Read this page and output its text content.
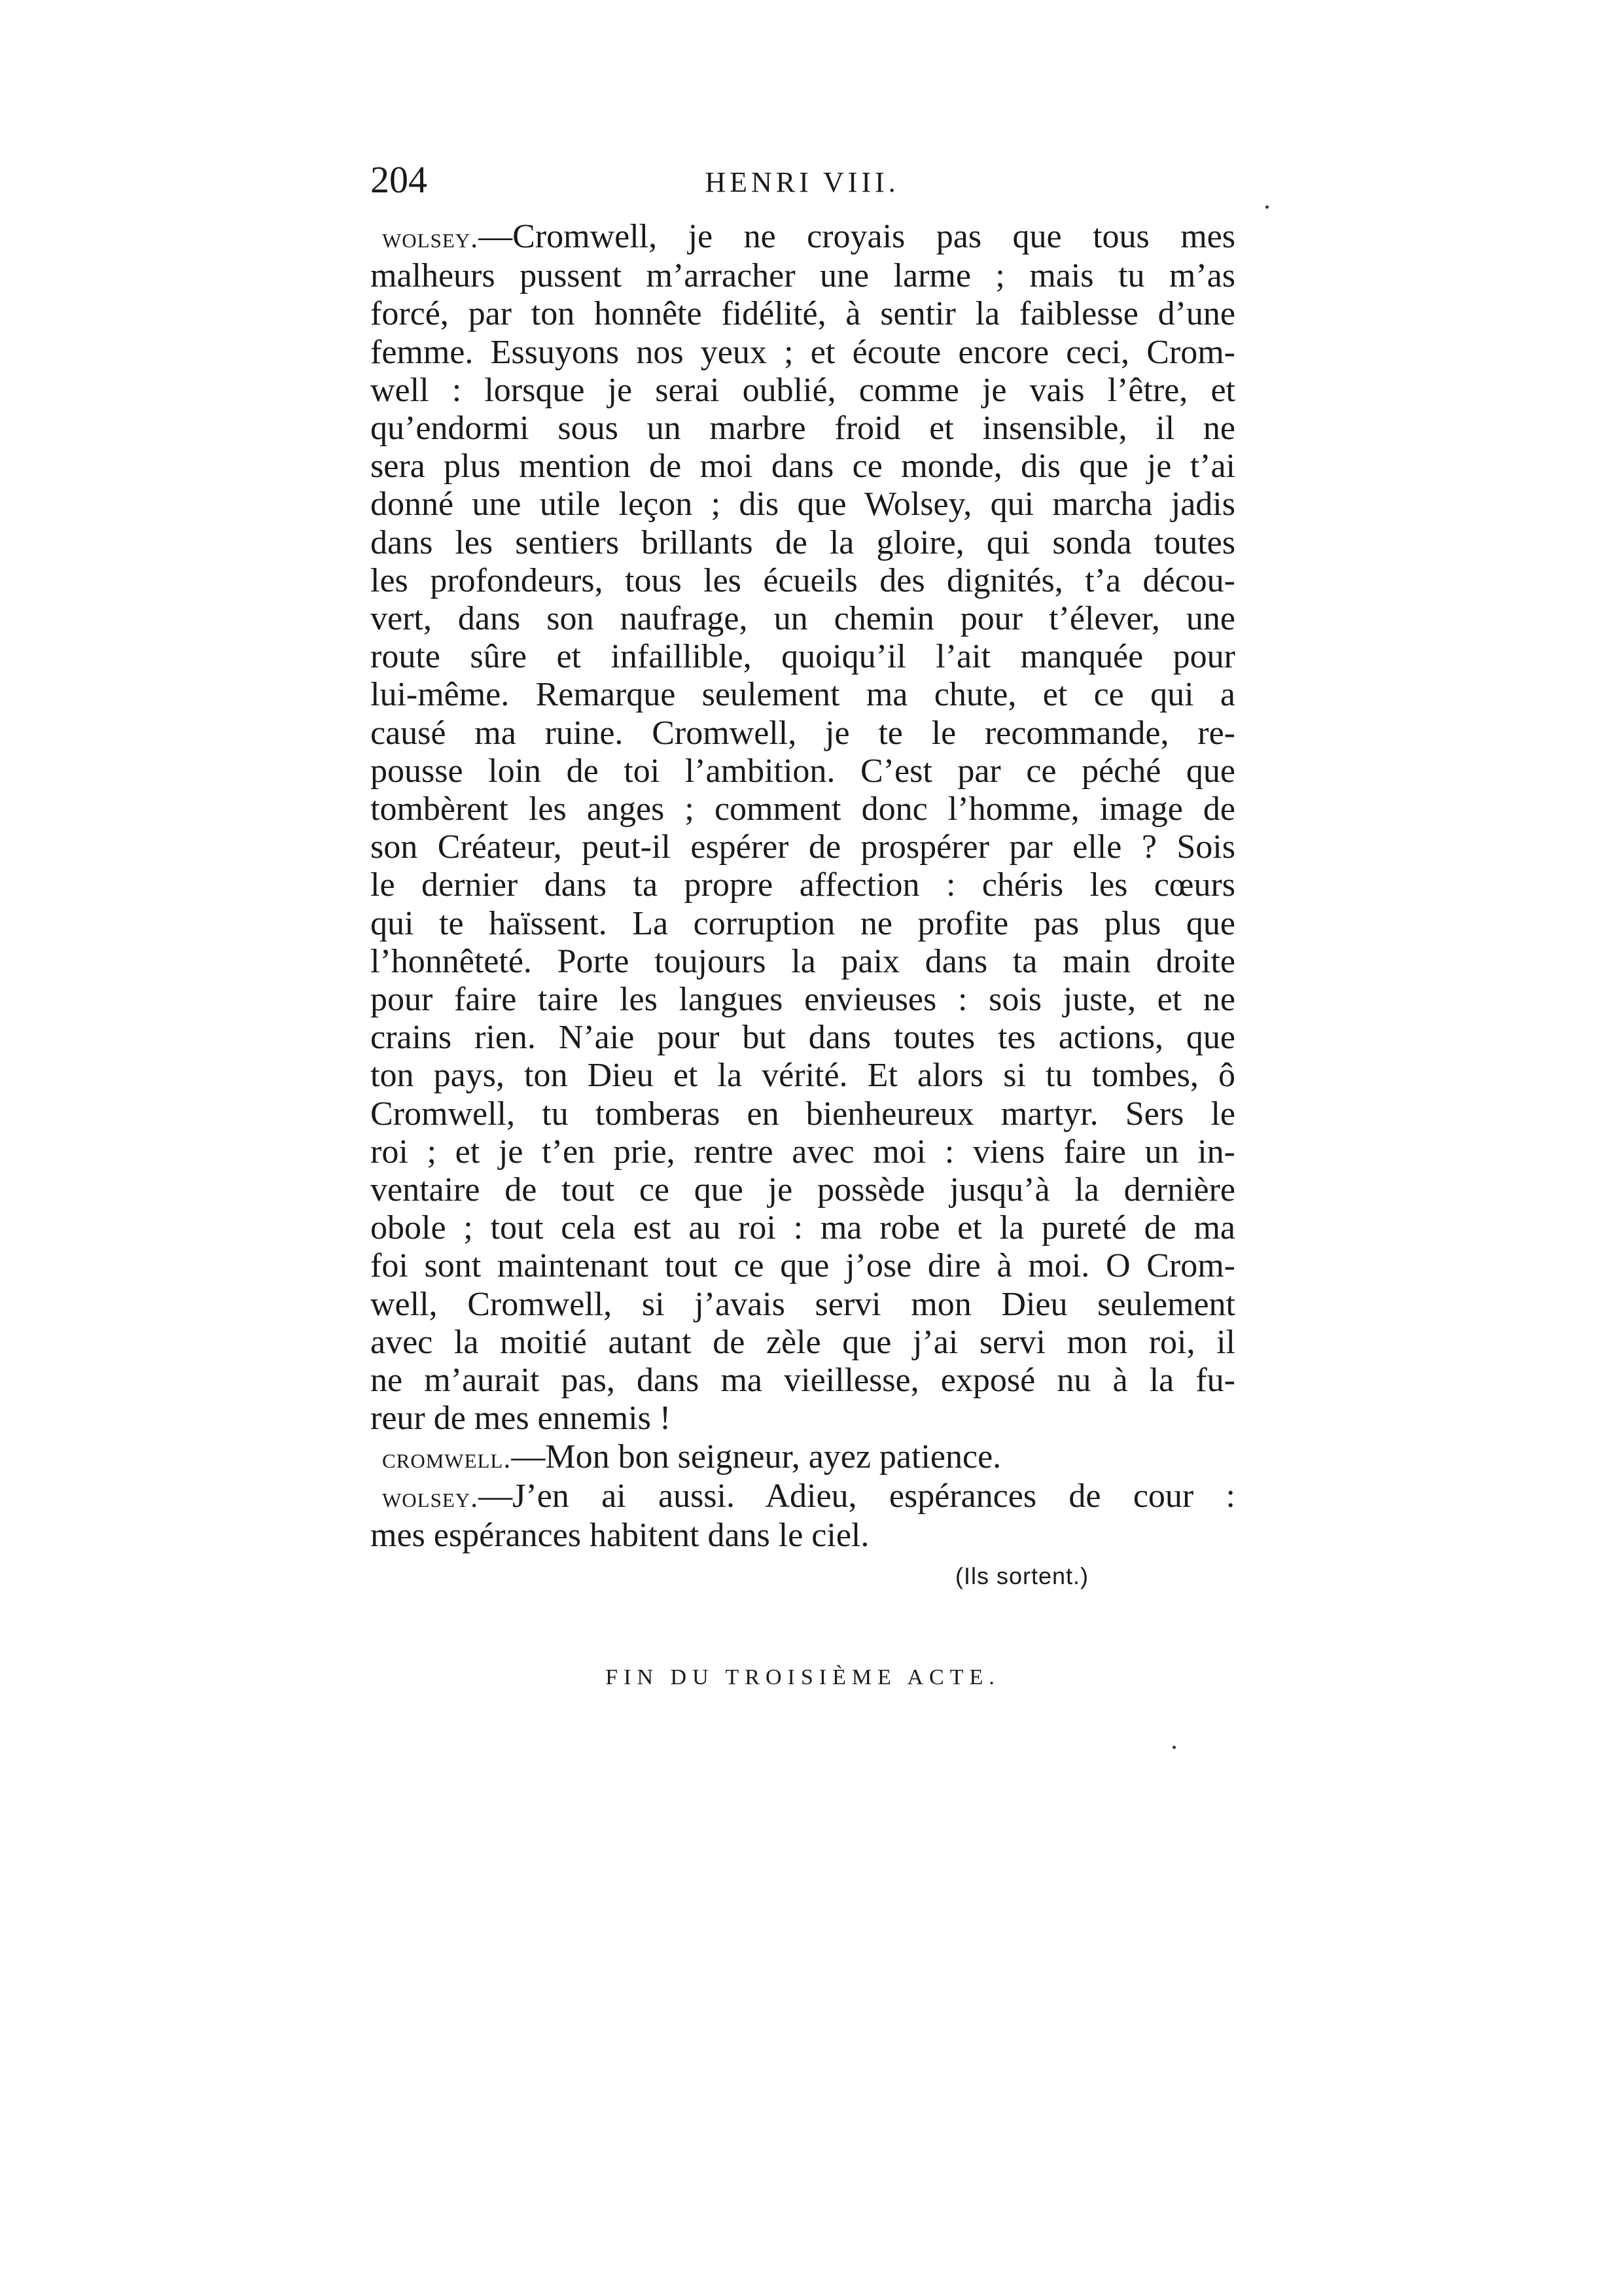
204	HENRI VIII.
wolsey.—Cromwell, je ne croyais pas que tous mes
malheurs pussent m’arracher une larme ; mais tu m’as
forcé, par ton honnête fidélité, à sentir la faiblesse d’une
femme. Essuyons nos yeux ; et écoute encore ceci, Crom-
well : lorsque je serai oublié, comme je vais l’être, et
qu’endormi sous un marbre froid et insensible, il ne
sera plus mention de moi dans ce monde, dis que je t’ai
donné une utile leçon ; dis que Wolsey, qui marcha jadis
dans les sentiers brillants de la gloire, qui sonda toutes
les profondeurs, tous les écueils des dignités, t’a décou-
vert, dans son naufrage, un chemin pour t’élever, une
route sûre et infaillible, quoiqu’il l’ait manquée pour
lui-même. Remarque seulement ma chute, et ce qui a
causé ma ruine. Cromwell, je te le recommande, re-
pousse loin de toi l’ambition. C’est par ce péché que
tombèrent les anges ; comment donc l’homme, image de
son Créateur, peut-il espérer de prospérer par elle ? Sois
le dernier dans ta propre affection : chéris les cœurs
qui te haïssent. La corruption ne profite pas plus que
l’honnêteté. Porte toujours la paix dans ta main droite
pour faire taire les langues envieuses : sois juste, et ne
crains rien. N’aie pour but dans toutes tes actions, que
ton pays, ton Dieu et la vérité. Et alors si tu tombes, ô
Cromwell, tu tomberas en bienheureux martyr. Sers le
roi ; et je t’en prie, rentre avec moi : viens faire un in-
ventaire de tout ce que je possède jusqu’à la dernière
obole ; tout cela est au roi : ma robe et la pureté de ma
foi sont maintenant tout ce que j’ose dire à moi. O Crom-
well, Cromwell, si j’avais servi mon Dieu seulement
avec la moitié autant de zèle que j’ai servi mon roi, il
ne m’aurait pas, dans ma vieillesse, exposé nu à la fu-
reur de mes ennemis !
cromwell.—Mon bon seigneur, ayez patience.
wolsey.—J’en ai aussi. Adieu, espérances de cour :
mes espérances habitent dans le ciel.
(Ils sortent.)
FIN DU TROISIÈME ACTE.
